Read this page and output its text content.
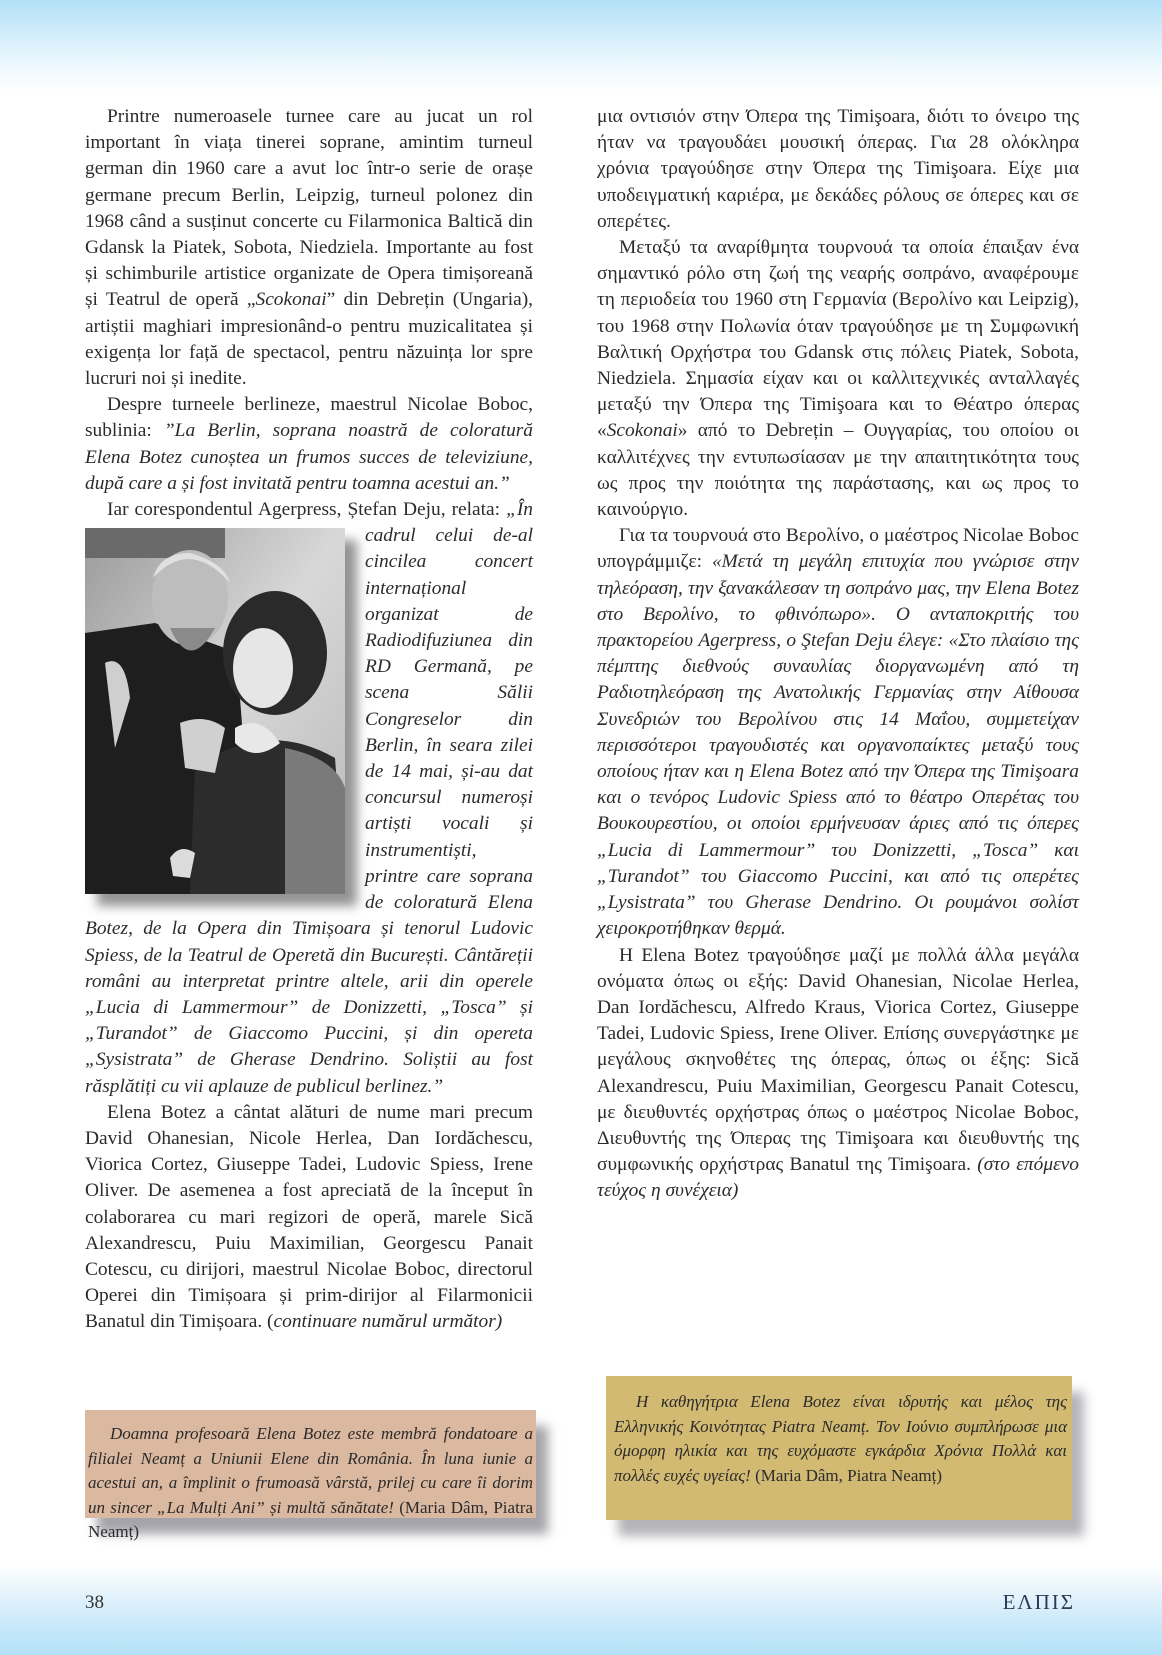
Printre numeroasele turnee care au jucat un rol important în viața tinerei soprane, amintim turneul german din 1960 care a avut loc într-o serie de orașe germane precum Berlin, Leipzig, turneul polonez din 1968 când a susținut concerte cu Filarmonica Baltică din Gdansk la Piatek, Sobota, Niedziela. Importante au fost și schimburile artistice organizate de Opera timișoreană și Teatrul de operă „Scokonai” din Debrețin (Ungaria), artiștii maghiari impresionând-o pentru muzicalitatea și exigența lor față de spectacol, pentru năzuința lor spre lucruri noi și inedite.

Despre turneele berlineze, maestrul Nicolae Boboc, sublinia: ”La Berlin, soprana noastră de coloratură Elena Botez cunoștea un frumos succes de televiziune, după care a și fost invitată pentru toamna acestui an.”

Iar corespondentul Agerpress, Ștefan Deju, relata:
„În cadrul celui de-al cincilea concert internațional organizat de Radiodifuziunea din RD Germană, pe scena Sălii Congreselor din Berlin, în seara zilei de 14 mai, și-au dat concursul numeroși artiști vocali și instrumentiști, printre care soprana de coloratură Elena Botez, de la Opera din Timișoara și tenorul Ludovic Spiess, de la Teatrul de Operetă din București. Cântăreții români au interpretat printre altele, arii din operele „Lucia di Lammermour” de Donizzetti, „Tosca” și „Turandot” de Giaccomo Puccini, și din opereta „Sysistrata” de Gherase Dendrino. Soliștii au fost răsplătiți cu vii aplauze de publicul berlinez.”

Elena Botez a cântat alături de nume mari precum David Ohanesian, Nicole Herlea, Dan Iordăchescu, Viorica Cortez, Giuseppe Tadei, Ludovic Spiess, Irene Oliver. De asemenea a fost apreciată de la început în colaborarea cu mari regizori de operă, marele Sică Alexandrescu, Puiu Maximilian, Georgescu Panait Cotescu, cu dirijori, maestrul Nicolae Boboc, directorul Operei din Timișoara și prim-dirijor al Filarmonicii Banatul din Timișoara. (continuare numărul următor)

μια οντισιόν στην Όπερα της Timişoara, διότι το όνειρο της ήταν να τραγουδάει μουσική όπερας. Για 28 ολόκληρα χρόνια τραγούδησε στην Όπερα της Timişoara. Είχε μια υποδειγματική καριέρα, με δεκάδες ρόλους σε όπερες και σε οπερέτες.

Μεταξύ τα αναρίθμητα τουρνουά τα οποία έπαιξαν ένα σημαντικό ρόλο στη ζωή της νεαρής σοπράνο, αναφέρουμε τη περιοδεία του 1960 στη Γερμανία (Βερολίνο και Leipzig), του 1968 στην Πολωνία όταν τραγούδησε με τη Συμφωνική Βαλτική Ορχήστρα του Gdansk στις πόλεις Piatek, Sobota, Niedziela. Σημασία είχαν και οι καλλιτεχνικές ανταλλαγές μεταξύ την Όπερα της Timişoara και το Θέατρο όπερας «Scokonai» από το Debrețin – Ουγγαρίας, του οποίου οι καλλιτέχνες την εντυπωσίασαν με την απαιτητικότητα τους ως προς την ποιότητα της παράστασης, και ως προς το καινούργιο.

Για τα τουρνουά στο Βερολίνο, ο μαέστρος Nicolae Boboc υπογράμμιζε: «Μετά τη μεγάλη επιτυχία που γνώρισε στην τηλεόραση, την ξανακάλεσαν τη σοπράνο μας, την Elena Botez στο Βερολίνο, το φθινόπωρο». Ο ανταποκριτής του πρακτορείου Agerpress, ο Ştefan Deju έλεγε: «Στο πλαίσιο της πέμπτης διεθνούς συναυλίας διοργανωμένη από τη Ραδιοτηλεόραση της Ανατολικής Γερμανίας στην Αίθουσα Συνεδριών του Βερολίνου στις 14 Μαΐου, συμμετείχαν περισσότεροι τραγουδιστές και οργανοπαίκτες μεταξύ τους οποίους ήταν και η Elena Botez από την Όπερα της Timişoara και ο τενόρος Ludovic Spiess από το θέατρο Οπερέτας του Βουκουρεστίου, οι οποίοι ερμήνευσαν άριες από τις όπερες „Lucia di Lammermour” του Donizzetti, „Tosca” και „Turandot” του Giaccomo Puccini, και από τις οπερέτες „Lysistrata” του Gherase Dendrino. Οι ρουμάνοι σολίστ χειροκροτήθηκαν θερμά.

Η Elena Botez τραγούδησε μαζί με πολλά άλλα μεγάλα ονόματα όπως οι εξής: David Ohanesian, Nicolae Herlea, Dan Iordăchescu, Alfredo Kraus, Viorica Cortez, Giuseppe Tadei, Ludovic Spiess, Irene Oliver. Επίσης συνεργάστηκε με μεγάλους σκηνοθέτες της όπερας, όπως οι έξης: Sică Alexandrescu, Puiu Maximilian, Georgescu Panait Cotescu, με διευθυντές ορχήστρας όπως ο μαέστρος Nicolae Boboc, Διευθυντής της Όπερας της Timişoara και διευθυντής της συμφωνικής ορχήστρας Banatul της Timişoara. (στο επόμενο τεύχος η συνέχεια)

Doamna profesoară Elena Botez este membră fondatoare a filialei Neamț a Uniunii Elene din România. În luna iunie a acestui an, a împlinit o frumoasă vârstă, prilej cu care îi dorim un sincer „La Mulți Ani” și multă sănătate! (Maria Dâm, Piatra Neamț)

Η καθηγήτρια Elena Botez είναι ιδρυτής και μέλος της Ελληνικής Κοινότητας Piatra Neamț. Τον Ιούνιο συμπλήρωσε μια όμορφη ηλικία και της ευχόμαστε εγκάρδια Χρόνια Πολλά και πολλές ευχές υγείας! (Maria Dâm, Piatra Neamț)

38	ΕΛΠΙΣ
